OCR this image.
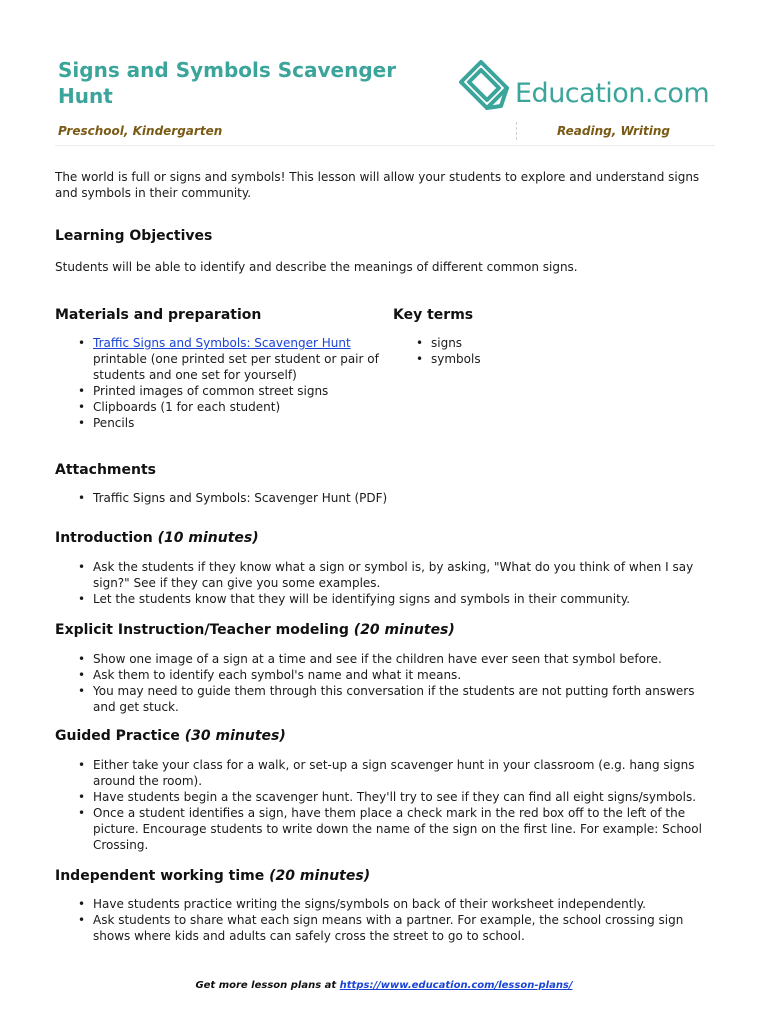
Signs and Symbols Scavenger Hunt	Education.com
Preschool, Kindergarten	Reading, Writing

The world is full or signs and symbols! This lesson will allow your students to explore and understand signs and symbols in their community.

Learning Objectives

Students will be able to identify and describe the meanings of different common signs.

Materials and preparation
• Traffic Signs and Symbols: Scavenger Hunt printable (one printed set per student or pair of students and one set for yourself)
• Printed images of common street signs
• Clipboards (1 for each student)
• Pencils
Key terms
• signs
• symbols
Attachments
• Traffic Signs and Symbols: Scavenger Hunt (PDF)
Introduction (10 minutes)
• Ask the students if they know what a sign or symbol is, by asking, "What do you think of when I say sign?" See if they can give you some examples.
• Let the students know that they will be identifying signs and symbols in their community.
Explicit Instruction/Teacher modeling (20 minutes)
• Show one image of a sign at a time and see if the children have ever seen that symbol before.
• Ask them to identify each symbol's name and what it means.
• You may need to guide them through this conversation if the students are not putting forth answers and get stuck.
Guided Practice (30 minutes)
• Either take your class for a walk, or set-up a sign scavenger hunt in your classroom (e.g. hang signs around the room).
• Have students begin a the scavenger hunt. They'll try to see if they can find all eight signs/symbols.
• Once a student identifies a sign, have them place a check mark in the red box off to the left of the picture. Encourage students to write down the name of the sign on the first line. For example: School Crossing.
Independent working time (20 minutes)
• Have students practice writing the signs/symbols on back of their worksheet independently.
• Ask students to share what each sign means with a partner. For example, the school crossing sign shows where kids and adults can safely cross the street to go to school.
Get more lesson plans at https://www.education.com/lesson-plans/
